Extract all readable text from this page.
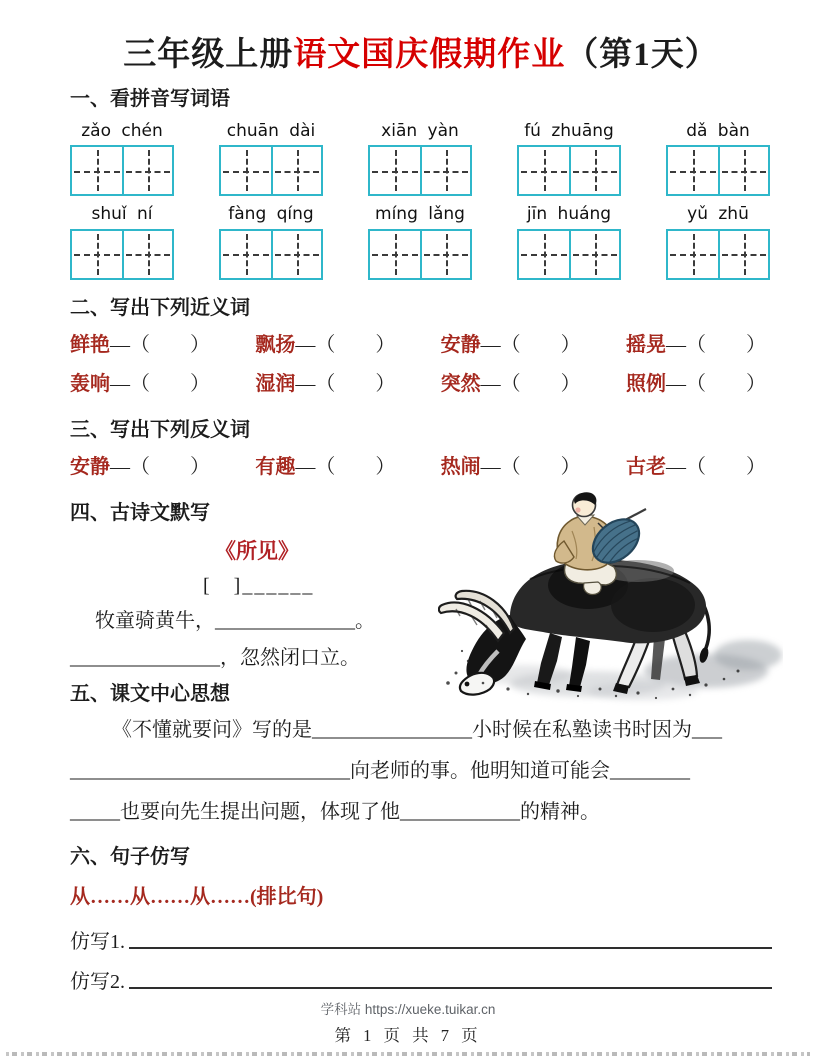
三年级上册语文国庆假期作业（第1天）
一、看拼音写词语
zǎo chén	chuān dài	xiān yàn	fú zhuāng	dǎ bàn
shuǐ ní	fàng qíng	míng lǎng	jīn huáng	yǔ zhū
二、写出下列近义词
鲜艳—（　　） 飘扬—（　　） 安静—（　　） 摇晃—（　　）
轰响—（　　） 湿润—（　　） 突然—（　　） 照例—（　　）
三、写出下列反义词
安静—（　　） 有趣—（　　） 热闹—（　　） 古老—（　　）
四、古诗文默写
《所见》
[　]______
牧童骑黄牛，______________。
_______________，忽然闭口立。
五、课文中心思想
《不懂就要问》写的是________________小时候在私塾读书时因为___
____________________________向老师的事。他明知道可能会________
_____也要向先生提出问题，体现了他____________的精神。
六、句子仿写
从……从……从……(排比句)
仿写1.
仿写2.
学科站 https://xueke.tuikar.cn
第 1 页 共 7 页
